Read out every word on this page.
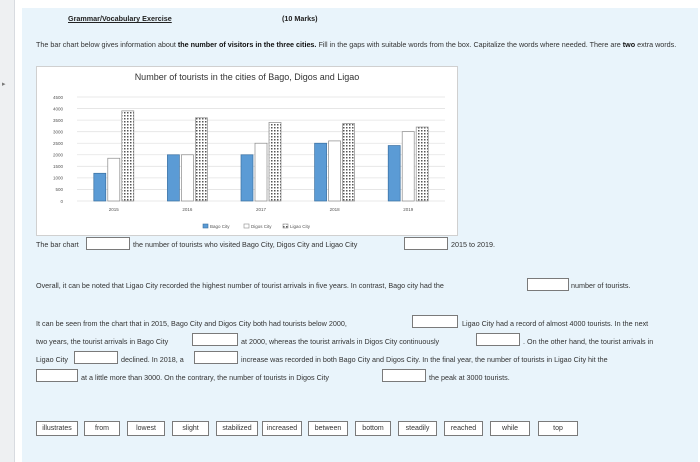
▸
Grammar/Vocabulary Exercise	(10 Marks)
The bar chart below gives information about the number of visitors in the three cities. Fill in the gaps with suitable words from the box. Capitalize the words where needed. There are two extra words.
Number of tourists in the cities of Bago, Digos and Ligao
0
500
1000
1500
2000
2500
3000
3500
4000
4500
2015	2016	2017	2018	2019
Bago City	Digos City	Ligao City
The bar chart	the number of tourists who visited Bago City, Digos City and Ligao City	2015 to 2019.
Overall, it can be noted that Ligao City recorded the highest number of tourist arrivals in five years. In contrast, Bago city had the	number of tourists.
It can be seen from the chart that in 2015, Bago City and Digos City both had tourists below 2000,	Ligao City had a record of almost 4000 tourists. In the next
two years, the tourist arrivals in Bago City	at 2000, whereas the tourist arrivals in Digos City continuously	. On the other hand, the tourist arrivals in
Ligao City	declined. In 2018, a	increase was recorded in both Bago City and Digos City. In the final year, the number of tourists in Ligao City hit the
at a little more than 3000. On the contrary, the number of tourists in Digos City	the peak at 3000 tourists.
illustrates	from	lowest	slight	stabilized	increased	between	bottom	steadily	reached	while	top
